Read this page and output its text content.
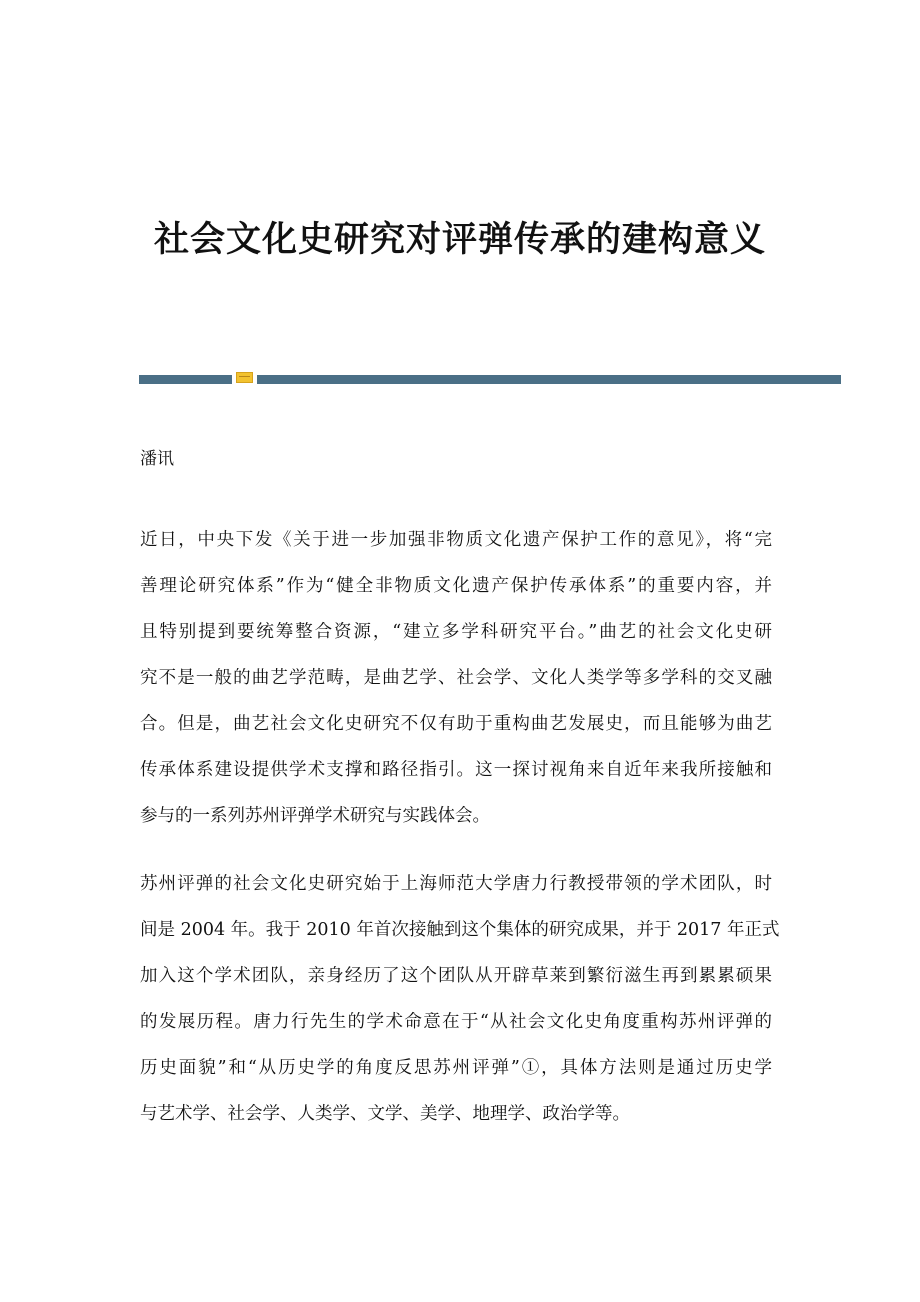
社会文化史研究对评弹传承的建构意义
潘讯
近日，中央下发《关于进一步加强非物质文化遗产保护工作的意见》，将“完
善理论研究体系”作为“健全非物质文化遗产保护传承体系”的重要内容，并
且特别提到要统筹整合资源，“建立多学科研究平台。”曲艺的社会文化史研
究不是一般的曲艺学范畴，是曲艺学、社会学、文化人类学等多学科的交叉融
合。但是，曲艺社会文化史研究不仅有助于重构曲艺发展史，而且能够为曲艺
传承体系建设提供学术支撑和路径指引。这一探讨视角来自近年来我所接触和
参与的一系列苏州评弹学术研究与实践体会。
苏州评弹的社会文化史研究始于上海师范大学唐力行教授带领的学术团队，时
间是 2004 年。我于 2010 年首次接触到这个集体的研究成果，并于 2017 年正式
加入这个学术团队，亲身经历了这个团队从开辟草莱到繁衍滋生再到累累硕果
的发展历程。唐力行先生的学术命意在于“从社会文化史角度重构苏州评弹的
历史面貌”和“从历史学的角度反思苏州评弹”①，具体方法则是通过历史学
与艺术学、社会学、人类学、文学、美学、地理学、政治学等。
